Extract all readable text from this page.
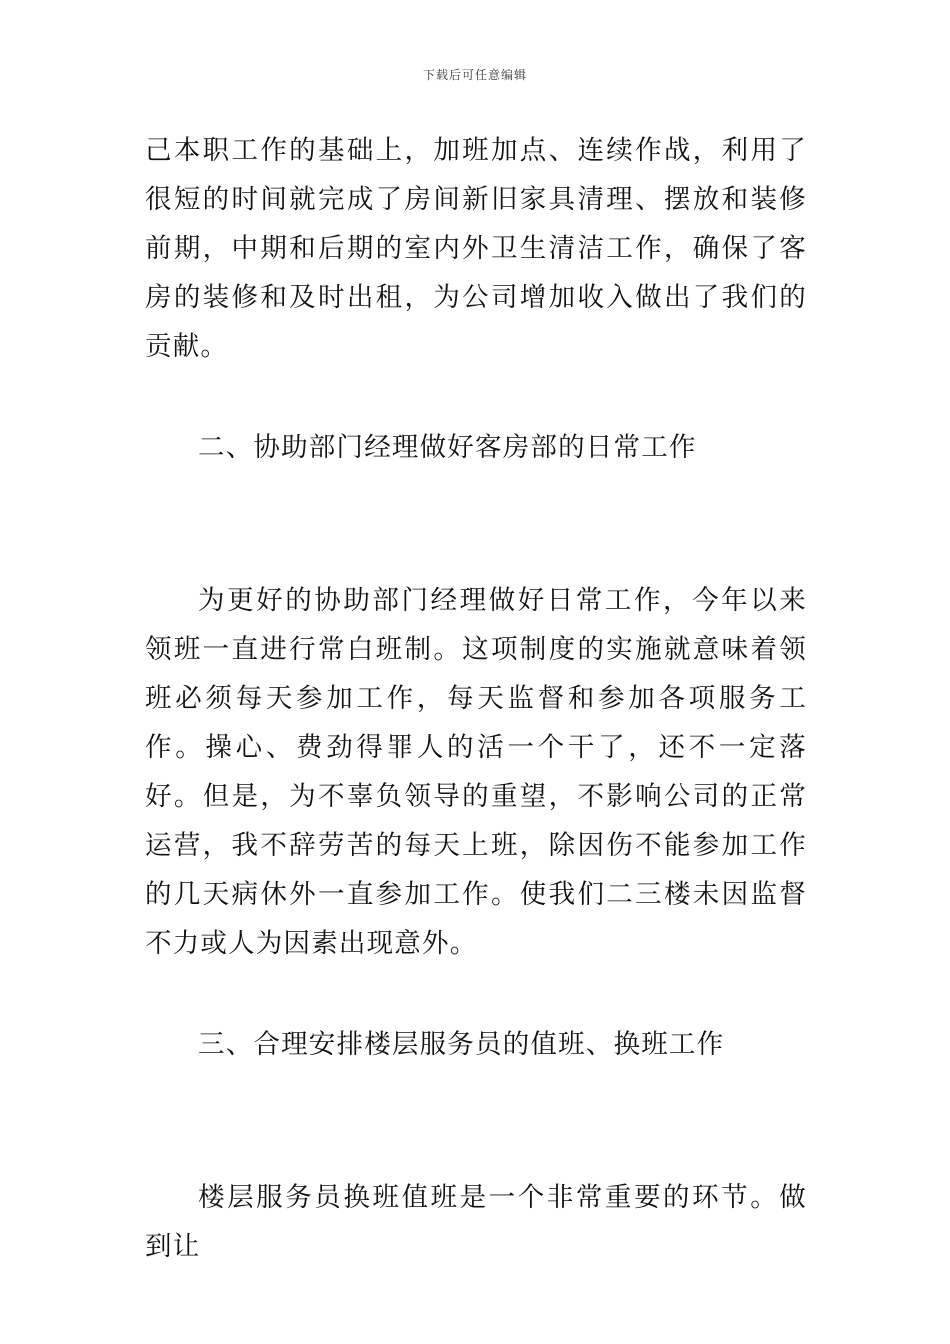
下载后可任意编辑

己本职工作的基础上，加班加点、连续作战，利用了很短的时间就完成了房间新旧家具清理、摆放和装修前期，中期和后期的室内外卫生清洁工作，确保了客房的装修和及时出租，为公司增加收入做出了我们的贡献。

二、协助部门经理做好客房部的日常工作

为更好的协助部门经理做好日常工作，今年以来领班一直进行常白班制。这项制度的实施就意味着领班必须每天参加工作，每天监督和参加各项服务工作。操心、费劲得罪人的活一个干了，还不一定落好。但是，为不辜负领导的重望，不影响公司的正常运营，我不辞劳苦的每天上班，除因伤不能参加工作的几天病休外一直参加工作。使我们二三楼未因监督不力或人为因素出现意外。

三、合理安排楼层服务员的值班、换班工作

楼层服务员换班值班是一个非常重要的环节。做到让
